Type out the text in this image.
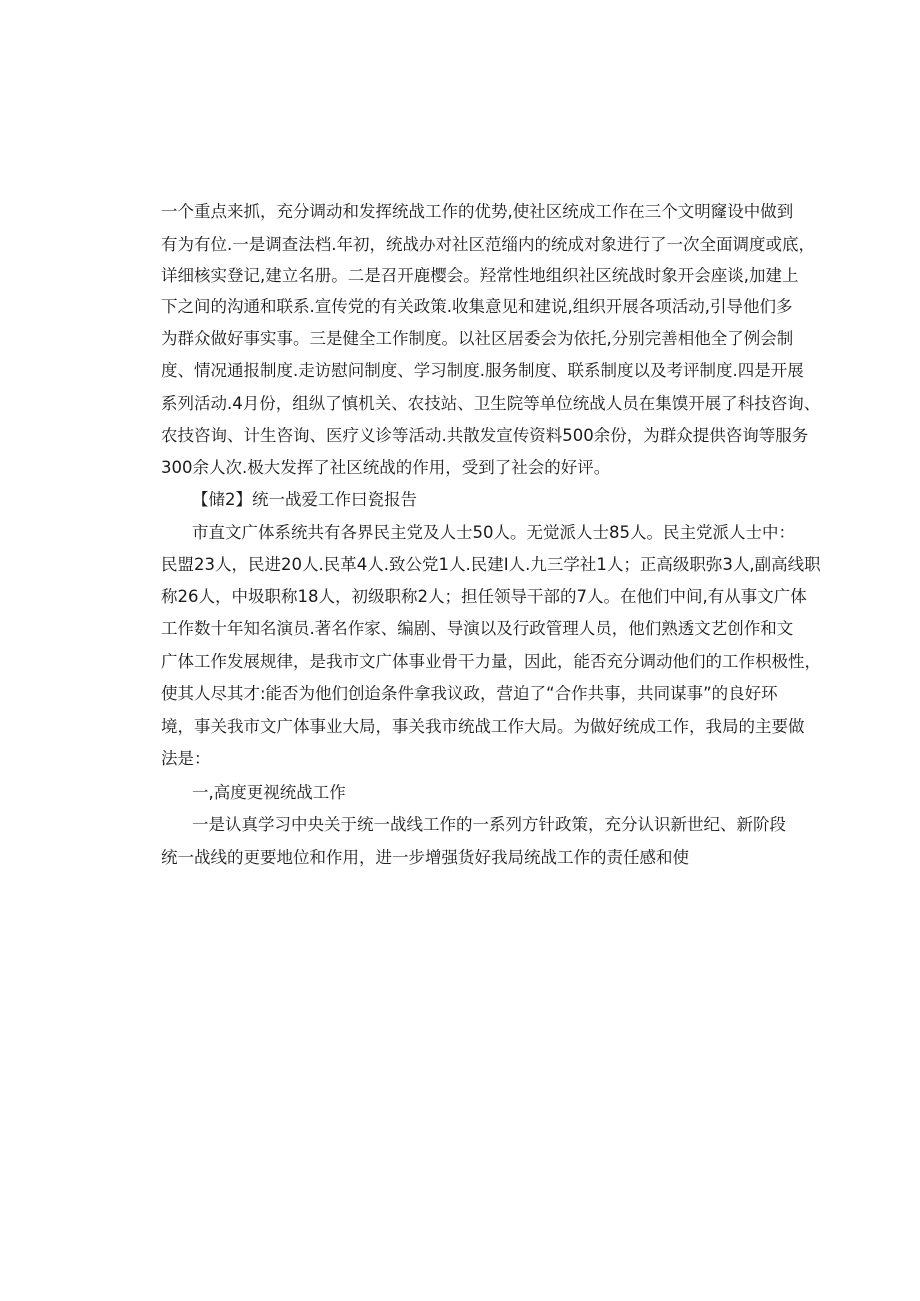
一个重点来抓，充分调动和发挥统战工作的优势,使社区统成工作在三个文明窿设中做到
有为有位.一是调查法档.年初，统战办对社区范缁内的统成对象进行了一次全面调度或底，
详细核实登记,建立名册。二是召开鹿樱会。羟常性地组织社区统战时象开会座谈,加建上
下之间的沟通和联系.宣传党的有关政策.收集意见和建说,组织开展各项活动,引导他们多
为群众做好事实事。三是健全工作制度。以社区居委会为依托,分别完善相他全了例会制
度、情况通报制度.走访慰问制度、学习制度.服务制度、联系制度以及考评制度.四是开展
系列活动.4月份，组纵了慎机关、农技站、卫生院等单位统战人员在集馍开展了科技咨询、
农技咨询、计生咨询、医疗义诊等活动.共散发宣传资料500余份，为群众提供咨询等服务
300余人次.极大发挥了社区统战的作用，受到了社会的好评。
【储2】统一战爱工作曰瓷报告
市直文广体系统共有各界民主党及人士50人。无觉派人士85人。民主党派人士中：
民盟23人，民进20人.民革4人.致公党1人.民建I人.九三学社1人；正高级职弥3人,副高线职
称26人，中圾职称18人，初级职称2人；担任领导干部的7人。在他们中间,有从事文广体
工作数十年知名演员.著名作家、编剧、导演以及行政管理人员，他们熟透文艺创作和文
广体工作发展规律，是我市文广体事业骨干力量，因此，能否充分调动他们的工作枳极性，
使其人尽其才:能否为他们创迨条件拿我议政，营迫了“合作共事，共同谋事”的良好环
境，事关我市文广体事业大局，事关我市统战工作大局。为做好统成工作，我局的主要做
法是：
一,高度更视统战工作
一是认真学习中央关于统一战线工作的一系列方针政策，充分认识新世纪、新阶段
统一战线的更要地位和作用，进一步增强货好我局统战工作的责任感和使
